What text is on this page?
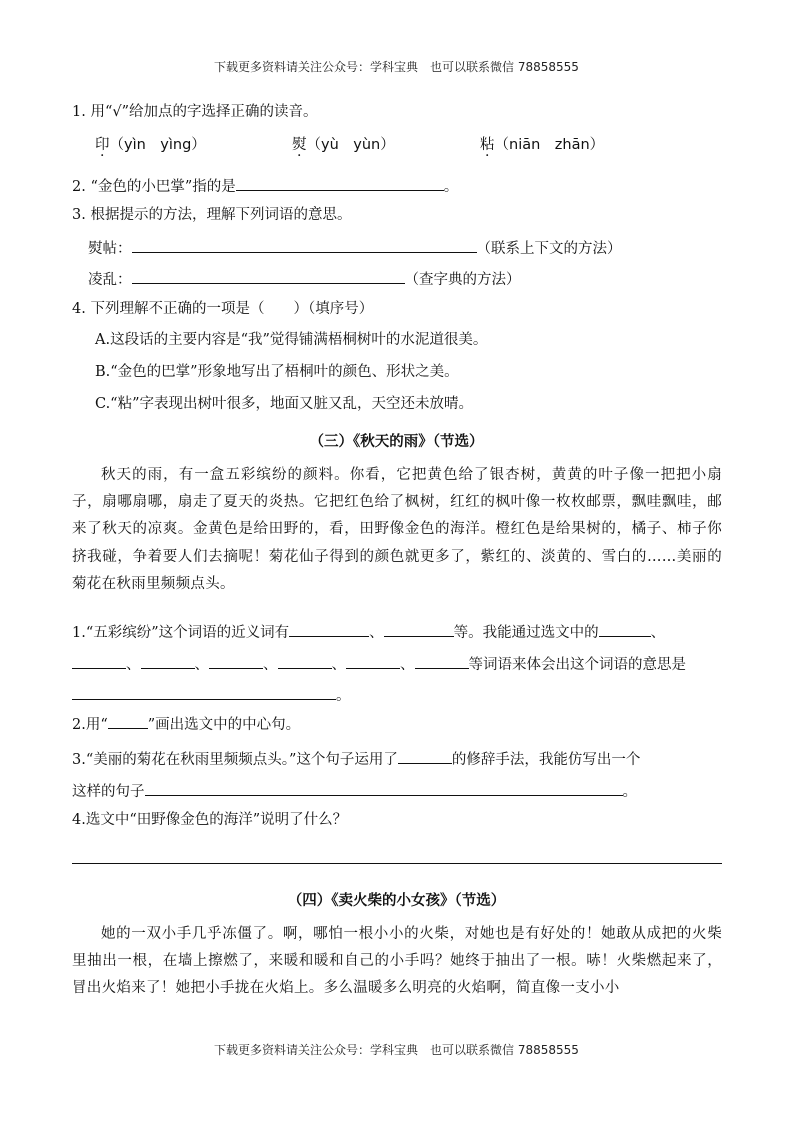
下载更多资料请关注公众号：学科宝典　也可以联系微信 78858555
1. 用“√”给加点的字选择正确的读音。
印（yìn　yìng）	熨（yù　yùn）	粘（niān　zhān）
2. “金色的小巴掌”指的是	。
3. 根据提示的方法，理解下列词语的意思。
熨帖：	（联系上下文的方法）
凌乱：	（查字典的方法）
4. 下列理解不正确的一项是（　　）（填序号）
A.这段话的主要内容是“我”觉得铺满梧桐树叶的水泥道很美。
B.“金色的巴掌”形象地写出了梧桐叶的颜色、形状之美。
C.“粘”字表现出树叶很多，地面又脏又乱，天空还未放晴。
（三）《秋天的雨》（节选）
秋天的雨，有一盒五彩缤纷的颜料。你看，它把黄色给了银杏树，黄黄的叶子像一把把小扇子，扇哪扇哪，扇走了夏天的炎热。它把红色给了枫树，红红的枫叶像一枚枚邮票，飘哇飘哇，邮来了秋天的凉爽。金黄色是给田野的，看，田野像金色的海洋。橙红色是给果树的，橘子、柿子你挤我碰，争着要人们去摘呢！菊花仙子得到的颜色就更多了，紫红的、淡黄的、雪白的……美丽的菊花在秋雨里频频点头。
1.“五彩缤纷”这个词语的近义词有	、	等。我能通过选文中的	、
、	、	、	、	、	等词语来体会出这个词语的意思是
。
2.用“	”画出选文中的中心句。
3.“美丽的菊花在秋雨里频频点头。”这个句子运用了	的修辞手法，我能仿写出一个
这样的句子	。
4.选文中“田野像金色的海洋”说明了什么？
（四）《卖火柴的小女孩》（节选）
她的一双小手几乎冻僵了。啊，哪怕一根小小的火柴，对她也是有好处的！她敢从成把的火柴里抽出一根，在墙上擦燃了，来暖和暖和自己的小手吗？她终于抽出了一根。哧！火柴燃起来了，冒出火焰来了！她把小手拢在火焰上。多么温暖多么明亮的火焰啊，简直像一支小小
下载更多资料请关注公众号：学科宝典　也可以联系微信 78858555
